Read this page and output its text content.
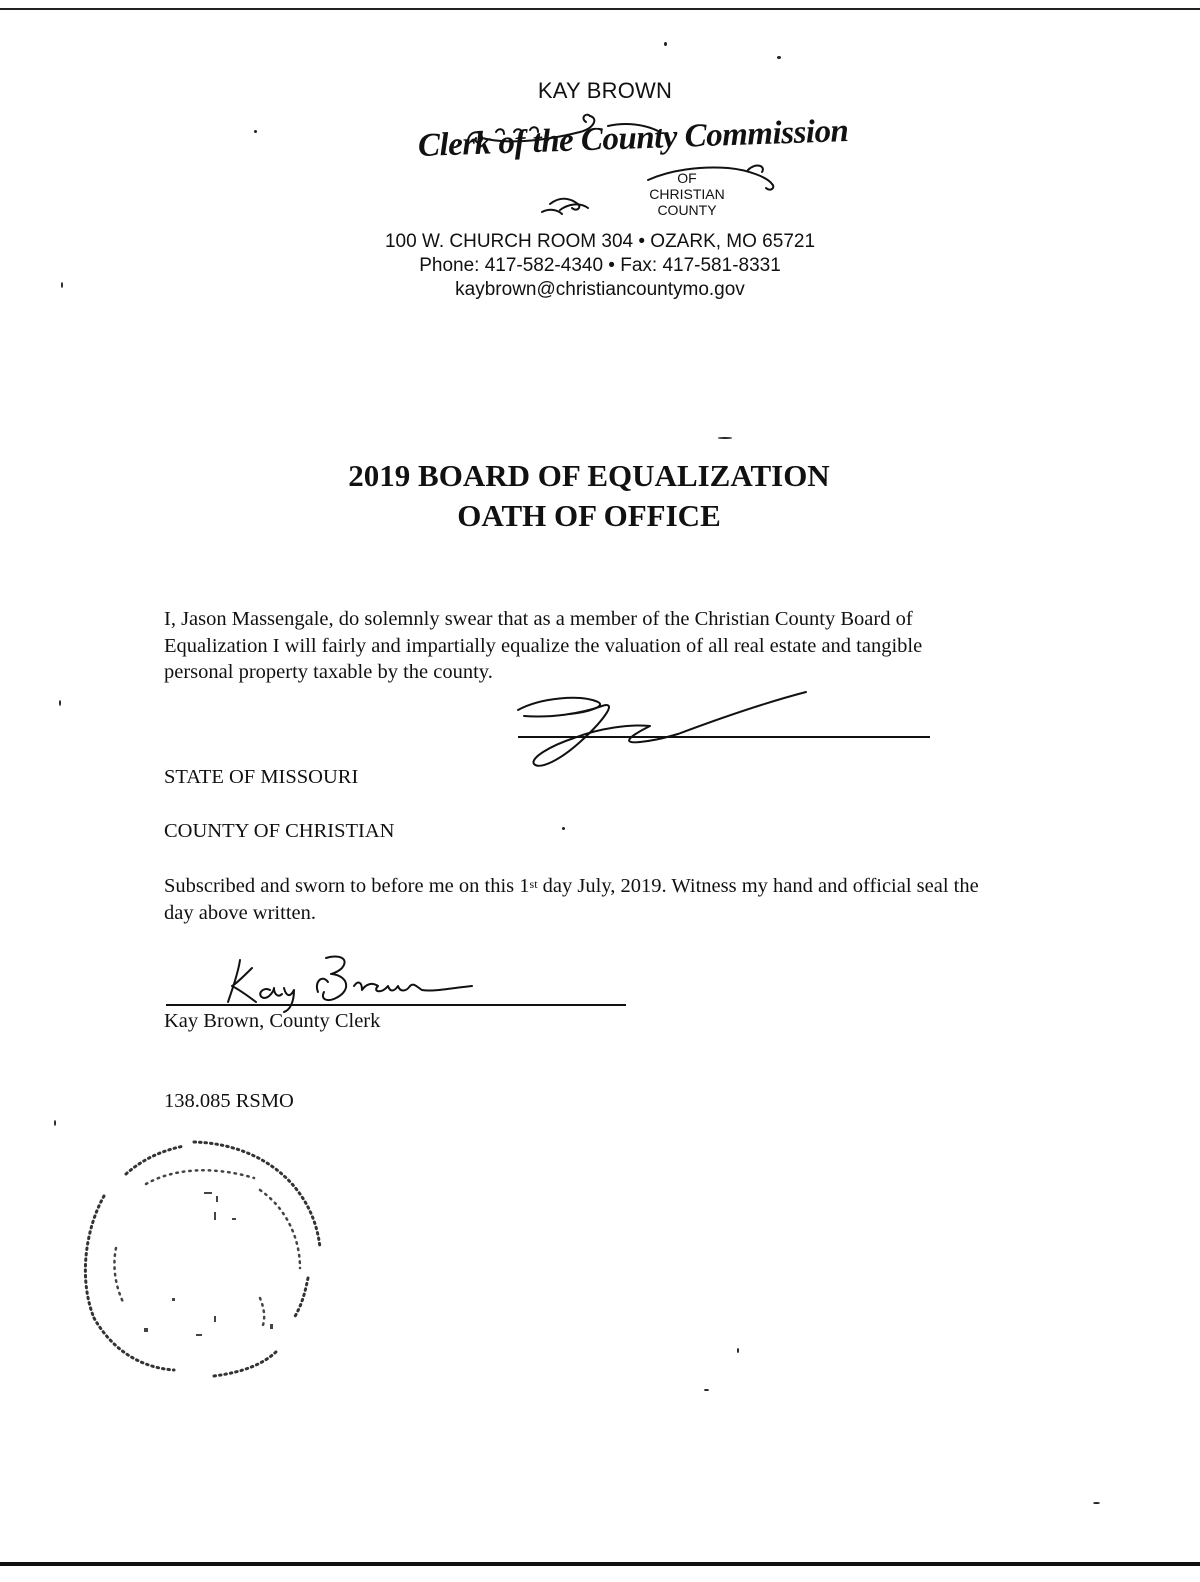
KAY BROWN
Clerk of the County Commission
OF
CHRISTIAN
COUNTY
100 W. CHURCH ROOM 304 • OZARK, MO 65721
Phone: 417-582-4340 • Fax: 417-581-8331
kaybrown@christiancountymo.gov
2019 BOARD OF EQUALIZATION
OATH OF OFFICE
I, Jason Massengale, do solemnly swear that as a member of the Christian County Board of Equalization I will fairly and impartially equalize the valuation of all real estate and tangible personal property taxable by the county.
STATE OF MISSOURI
COUNTY OF CHRISTIAN
Subscribed and sworn to before me on this 1st day July, 2019. Witness my hand and official seal the day above written.
Kay Brown, County Clerk
138.085 RSMO
